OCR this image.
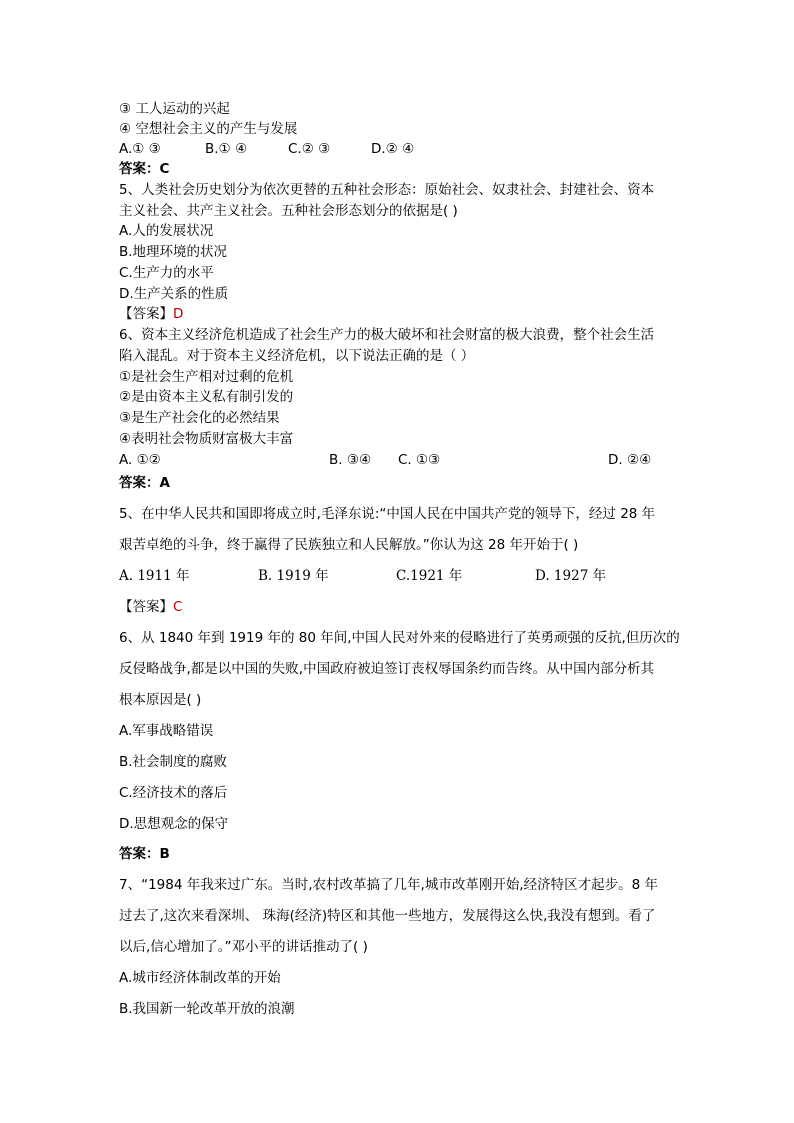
③ 工人运动的兴起
④ 空想社会主义的产生与发展
A.① ③	B.① ④	C.② ③	D.② ④
答案：C
5、人类社会历史划分为依次更替的五种社会形态：原始社会、奴隶社会、封建社会、资本
主义社会、共产主义社会。五种社会形态划分的依据是( )
A.人的发展状况
B.地理环境的状况
C.生产力的水平
D.生产关系的性质
【答案】D
6、资本主义经济危机造成了社会生产力的极大破坏和社会财富的极大浪费，整个社会生活
陷入混乱。对于资本主义经济危机，以下说法正确的是（ ）
①是社会生产相对过剩的危机
②是由资本主义私有制引发的
③是生产社会化的必然结果
④表明社会物质财富极大丰富
A. ①②	B. ③④ C. ①③	D. ②④
答案：A
5、在中华人民共和国即将成立时,毛泽东说:“中国人民在中国共产党的领导下，经过 28 年
艰苦卓绝的斗争，终于赢得了民族独立和人民解放。”你认为这 28 年开始于( )
A. 1911 年	B. 1919 年	C.1921 年	D. 1927 年
【答案】C
6、从 1840 年到 1919 年的 80 年间,中国人民对外来的侵略进行了英勇顽强的反抗,但历次的
反侵略战争,都是以中国的失败,中国政府被迫签订丧权辱国条约而告终。从中国内部分析其
根本原因是( )
A.军事战略错误
B.社会制度的腐败
C.经济技术的落后
D.思想观念的保守
答案：B
7、“1984 年我来过广东。当时,农村改革搞了几年,城市改革刚开始,经济特区才起步。8 年
过去了,这次来看深圳、 珠海(经济)特区和其他一些地方，发展得这么快,我没有想到。看了
以后,信心增加了。”邓小平的讲话推动了( )
A.城市经济体制改革的开始
B.我国新一轮改革开放的浪潮
